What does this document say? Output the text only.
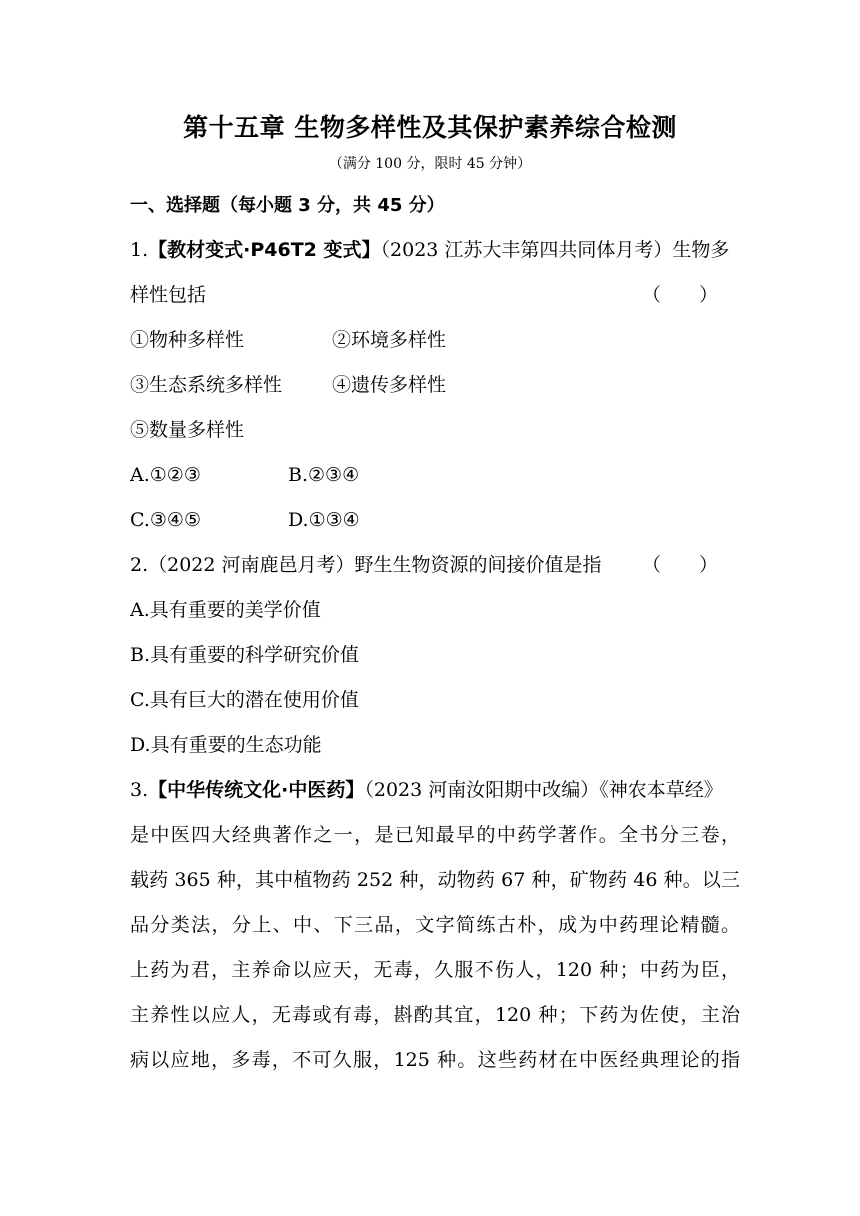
第十五章 生物多样性及其保护素养综合检测
（满分 100 分，限时 45 分钟）
一、选择题（每小题 3 分，共 45 分）
1.【教材变式·P46T2 变式】（2023 江苏大丰第四共同体月考）生物多
样性包括	（　　）
①物种多样性	②环境多样性
③生态系统多样性	④遗传多样性
⑤数量多样性
A.①②③	B.②③④
C.③④⑤	D.①③④
2.（2022 河南鹿邑月考）野生生物资源的间接价值是指 （　　）
A.具有重要的美学价值
B.具有重要的科学研究价值
C.具有巨大的潜在使用价值
D.具有重要的生态功能
3.【中华传统文化·中医药】（2023 河南汝阳期中改编）《神农本草经》
是中医四大经典著作之一，是已知最早的中药学著作。全书分三卷，
载药 365 种，其中植物药 252 种，动物药 67 种，矿物药 46 种。以三
品分类法，分上、中、下三品，文字简练古朴，成为中药理论精髓。
上药为君，主养命以应天，无毒，久服不伤人，120 种；中药为臣，
主养性以应人，无毒或有毒，斟酌其宜，120 种；下药为佐使，主治
病以应地，多毒，不可久服，125 种。这些药材在中医经典理论的指
